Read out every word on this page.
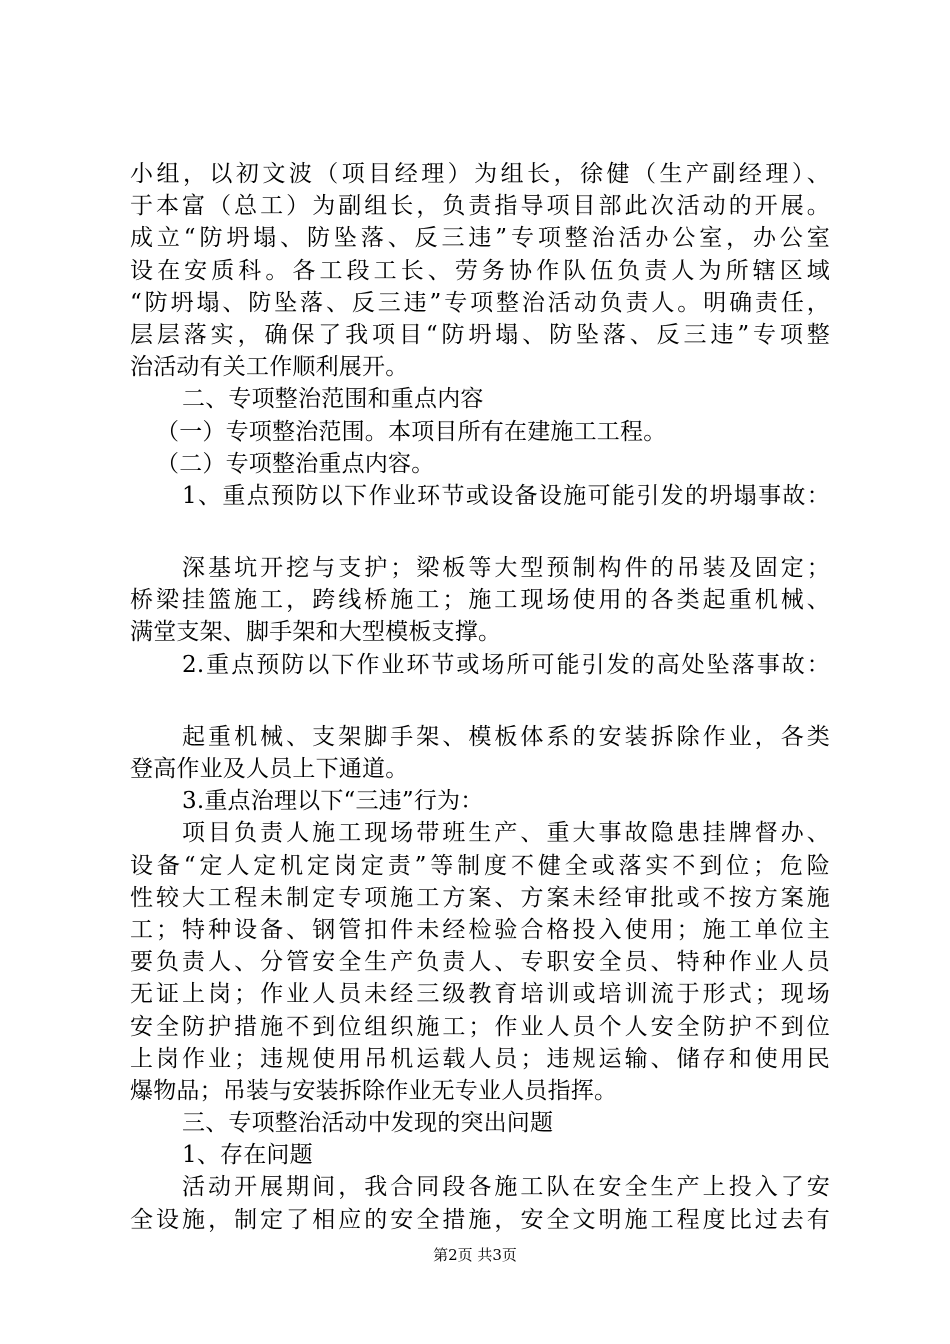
小组，以初文波（项目经理）为组长，徐健（生产副经理）、
于本富（总工）为副组长，负责指导项目部此次活动的开展。
成立“防坍塌、防坠落、反三违”专项整治活办公室，办公室
设在安质科。各工段工长、劳务协作队伍负责人为所辖区域
“防坍塌、防坠落、反三违”专项整治活动负责人。明确责任，
层层落实，确保了我项目“防坍塌、防坠落、反三违”专项整
治活动有关工作顺利展开。
二、专项整治范围和重点内容
（一）专项整治范围。本项目所有在建施工工程。
（二）专项整治重点内容。
1、重点预防以下作业环节或设备设施可能引发的坍塌事故：
深基坑开挖与支护；梁板等大型预制构件的吊装及固定；
桥梁挂篮施工，跨线桥施工；施工现场使用的各类起重机械、
满堂支架、脚手架和大型模板支撑。
2.重点预防以下作业环节或场所可能引发的高处坠落事故：
起重机械、支架脚手架、模板体系的安装拆除作业，各类
登高作业及人员上下通道。
3.重点治理以下“三违”行为：
项目负责人施工现场带班生产、重大事故隐患挂牌督办、
设备“定人定机定岗定责”等制度不健全或落实不到位；危险
性较大工程未制定专项施工方案、方案未经审批或不按方案施
工；特种设备、钢管扣件未经检验合格投入使用；施工单位主
要负责人、分管安全生产负责人、专职安全员、特种作业人员
无证上岗；作业人员未经三级教育培训或培训流于形式；现场
安全防护措施不到位组织施工；作业人员个人安全防护不到位
上岗作业；违规使用吊机运载人员；违规运输、储存和使用民
爆物品；吊装与安装拆除作业无专业人员指挥。
三、专项整治活动中发现的突出问题
1、存在问题
活动开展期间，我合同段各施工队在安全生产上投入了安
全设施，制定了相应的安全措施，安全文明施工程度比过去有
第2页 共3页
